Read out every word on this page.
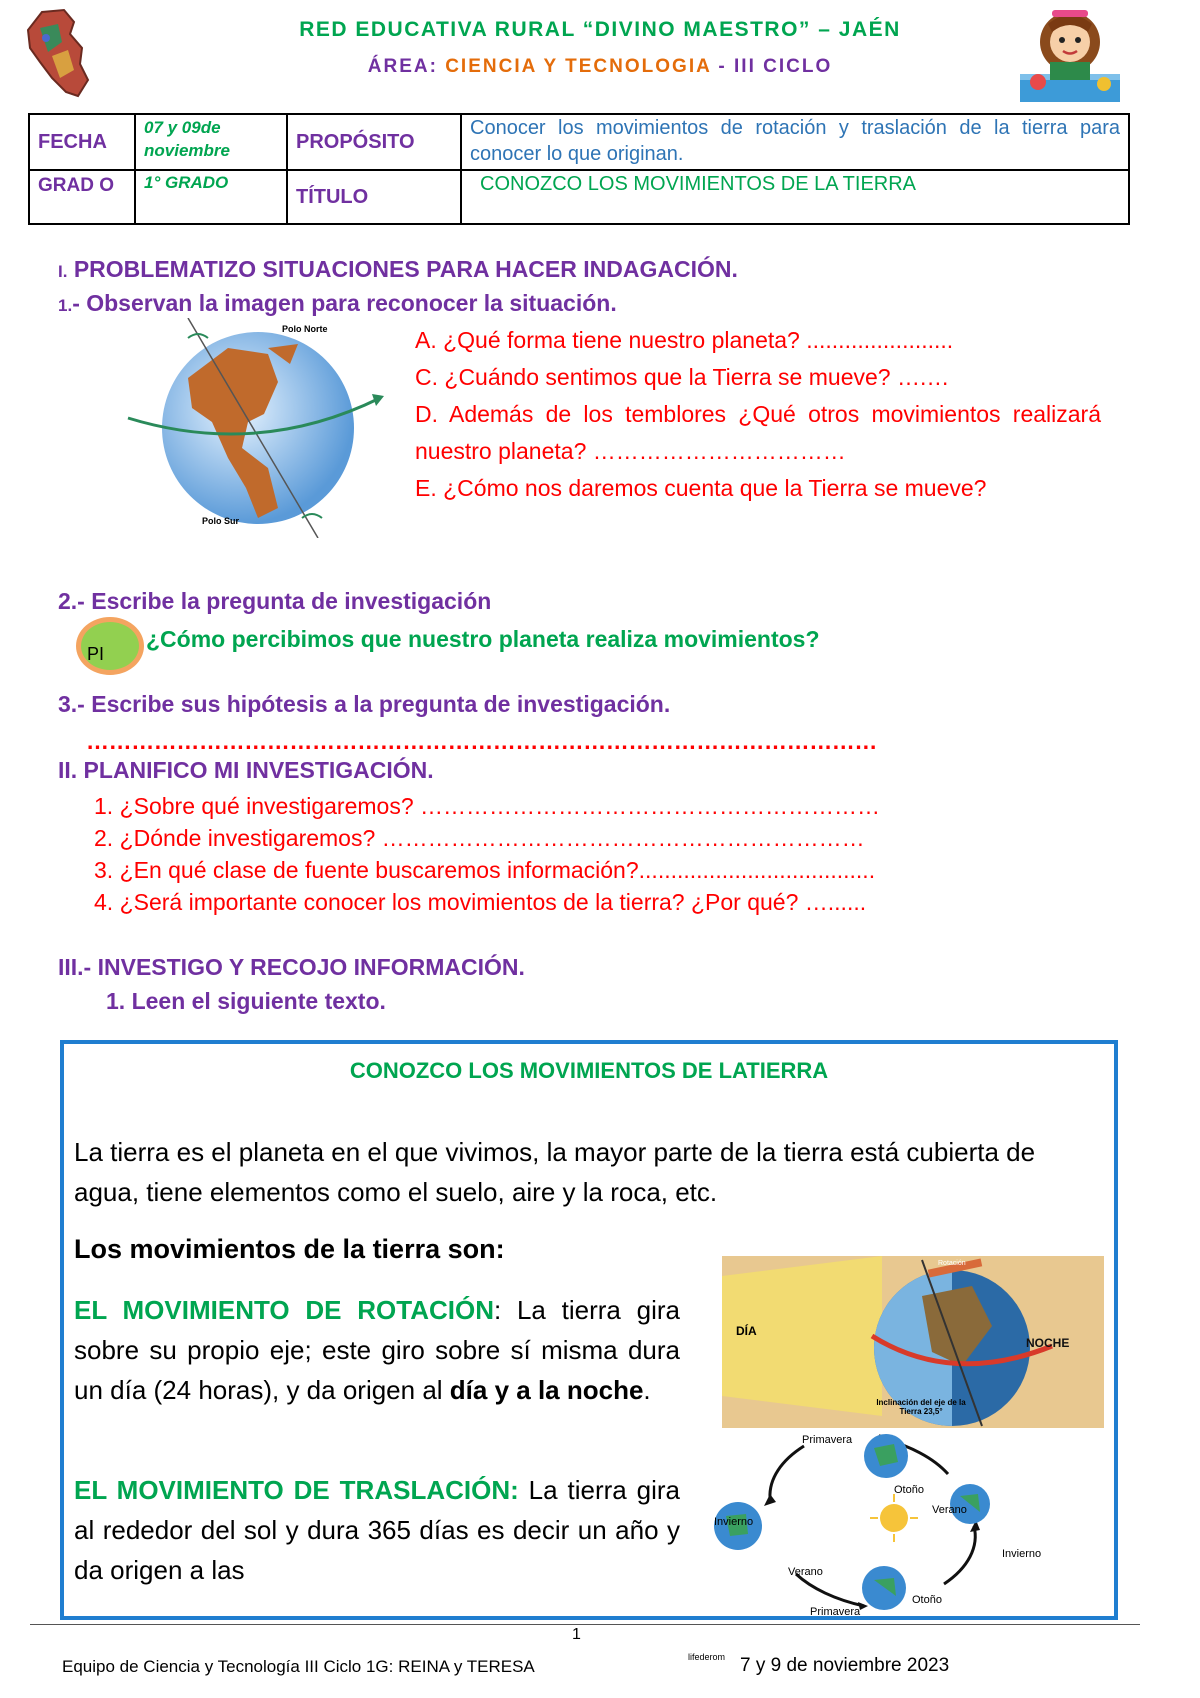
RED EDUCATIVA RURAL “DIVINO MAESTRO” – JAÉN
ÁREA: CIENCIA Y TECNOLOGIA - III CICLO
FECHA	07 y 09de noviembre	PROPÓSITO	Conocer los movimientos de rotación y traslación de la tierra para conocer lo que originan.

GRAD O	1° GRADO	TÍTULO	CONOZCO LOS MOVIMIENTOS DE LA TIERRA
I. PROBLEMATIZO SITUACIONES PARA HACER INDAGACIÓN.
1.- Observan la imagen para reconocer la situación.
Polo Norte
Polo Sur
A. ¿Qué forma tiene nuestro planeta? .......................
C. ¿Cuándo sentimos que la Tierra se mueve? ….…
D. Además de los temblores ¿Qué otros movimientos realizará nuestro planeta? ……………………………
E. ¿Cómo nos daremos cuenta que la Tierra se mueve?
2.- Escribe la pregunta de investigación
PI
¿Cómo percibimos que nuestro planeta realiza movimientos?
3.- Escribe sus hipótesis a la pregunta de investigación.
……………………………………………………………………………………………
II. PLANIFICO MI INVESTIGACIÓN.
1. ¿Sobre qué investigaremos? ……………………………………………………
2. ¿Dónde investigaremos? ………………………………………………………
3. ¿En qué clase de fuente buscaremos información?.....................................
4. ¿Será importante conocer los movimientos de la tierra? ¿Por qué? …......
III.- INVESTIGO Y RECOJO INFORMACIÓN.
1. Leen el siguiente texto.
CONOZCO LOS MOVIMIENTOS DE LATIERRA
La tierra es el planeta en el que vivimos, la mayor parte de la tierra está cubierta de agua, tiene elementos como el suelo, aire y la roca, etc.
Los movimientos de la tierra son:
EL MOVIMIENTO DE ROTACIÓN: La tierra gira sobre su propio eje; este giro sobre sí misma dura un día (24 horas), y da origen al día y a la noche.
EL MOVIMIENTO DE TRASLACIÓN: La tierra gira al rededor del sol y dura 365 días es decir un año y da origen a las
DÍA
NOCHE
Inclinación del eje de la Tierra 23,5°
Rotación
Primavera
Otoño
Verano
Invierno
Invierno
Verano
Otoño
Primavera
1
Equipo de Ciencia y Tecnología III Ciclo 1G: REINA y TERESA	lifederom 7 y 9 de noviembre 2023
